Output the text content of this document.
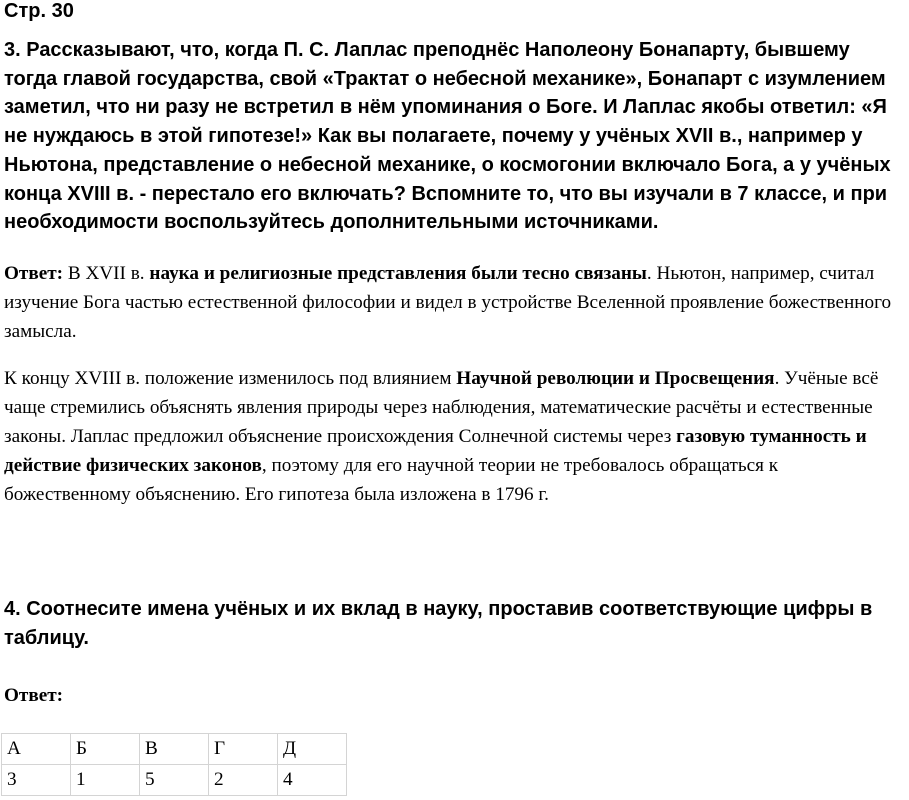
Стр. 30

3. Рассказывают, что, когда П. С. Лаплас преподнёс Наполеону Бонапарту, бывшему тогда главой государства, свой «Трактат о небесной механике», Бонапарт с изумлением заметил, что ни разу не встретил в нём упоминания о Боге. И Лаплас якобы ответил: «Я не нуждаюсь в этой гипотезе!» Как вы полагаете, почему у учёных XVII в., например у Ньютона, представление о небесной механике, о космогонии включало Бога, а у учёных конца XVIII в. - перестало его включать? Вспомните то, что вы изучали в 7 классе, и при необходимости воспользуйтесь дополнительными источниками.

Ответ: В XVII в. наука и религиозные представления были тесно связаны. Ньютон, например, считал изучение Бога частью естественной философии и видел в устройстве Вселенной проявление божественного замысла.

К концу XVIII в. положение изменилось под влиянием Научной революции и Просвещения. Учёные всё чаще стремились объяснять явления природы через наблюдения, математические расчёты и естественные законы. Лаплас предложил объяснение происхождения Солнечной системы через газовую туманность и действие физических законов, поэтому для его научной теории не требовалось обращаться к божественному объяснению. Его гипотеза была изложена в 1796 г.

4. Соотнесите имена учёных и их вклад в науку, проставив соответствующие цифры в таблицу.

Ответ:
А	Б	В	Г	Д
3	1	5	2	4
